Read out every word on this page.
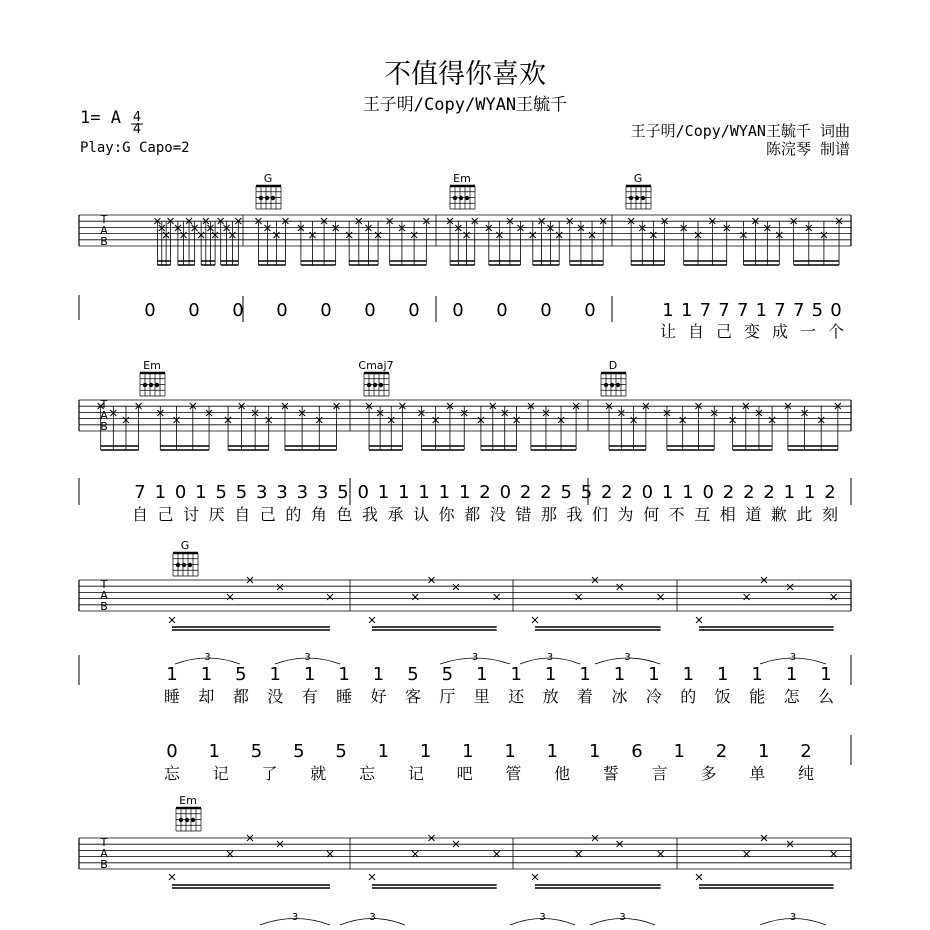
不值得你喜欢
王子明/Copy/WYAN王毓千
1= A
Play:G Capo=2
王子明/Copy/WYAN王毓千 词曲
陈浣琴 制谱
4
4
T
A
B
G	Em	G
0 0 0 0 0 0 0 0 0 0 0	1 1 7 7 7 1 7 7 5 0
让 自 己 变 成 一 个
T
A
B
Em	Cmaj7	D
7 1 0 1 5 5 3 3 3 3 5 0 1 1 1 1 1 2 0 2 2 5 5 2 2 0 1 1 0 2 2 2 1 1 2
自 己 讨 厌 自 己 的 角 色 我 承 认 你 都 没 错 那 我 们 为 何 不 互 相 道 歉 此 刻
T
A
B
G
1 1 5 1 1 1 1 5 5 1 1 1 1 1 1 1 1 1 1 1
睡 却 都 没 有 睡 好 客 厅 里 还 放 着 冰 冷 的 饭 能 怎 么
0 1 5 5 5 1 1 1 1 1 1 6 1 2 1 2
忘 记 了 就 忘 记 吧 管 他 誓 言 多 单 纯
3	3	3	3	3	3
T
A
B
Em
3	3	3	3	3
